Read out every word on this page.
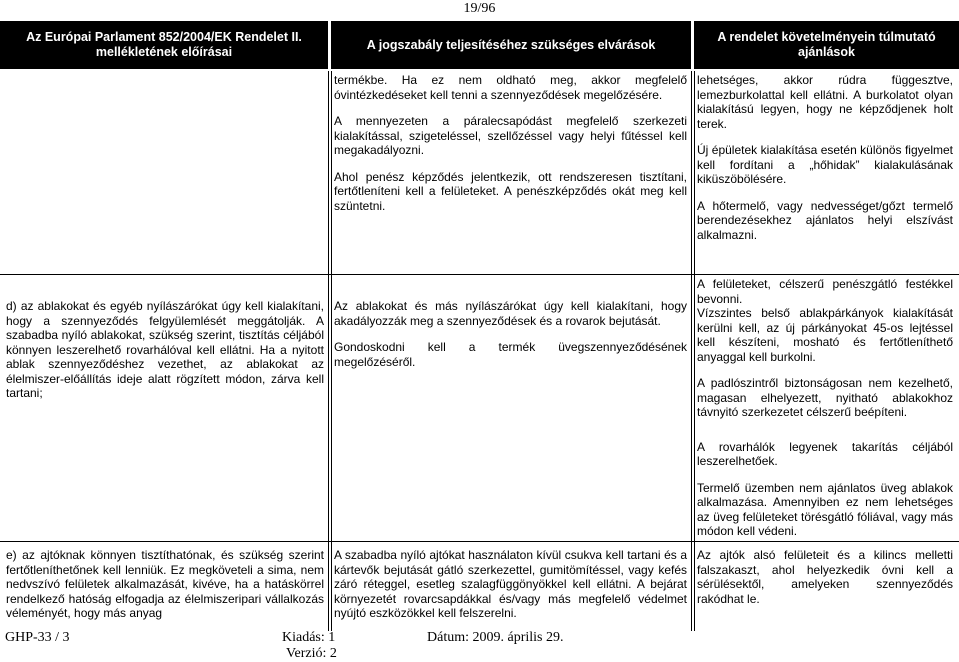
19/96
Az Európai Parlament 852/2004/EK Rendelet II. mellékletének előírásai
A jogszabály teljesítéséhez szükséges elvárások
A rendelet követelményein túlmutató ajánlások

termékbe. Ha ez nem oldható meg, akkor megfelelő óvintézkedéseket kell tenni a szennyeződések megelőzésére.

A mennyezeten a páralecsapódást megfelelő szerkezeti kialakítással, szigeteléssel, szellőzéssel vagy helyi fűtéssel kell megakadályozni.

Ahol penész képződés jelentkezik, ott rendszeresen tisztítani, fertőtleníteni kell a felületeket. A penészképződés okát meg kell szüntetni.

lehetséges, akkor rúdra függesztve, lemezburkolattal kell ellátni. A burkolatot olyan kialakítású legyen, hogy ne képződjenek holt terek.

Új épületek kialakítása esetén különös figyelmet kell fordítani a „hőhidak” kialakulásának kiküszöbölésére.

A hőtermelő, vagy nedvességet/gőzt termelő berendezésekhez ajánlatos helyi elszívást alkalmazni.

d) az ablakokat és egyéb nyílászárókat úgy kell kialakítani, hogy a szennyeződés felgyülemlését meggátolják. A szabadba nyíló ablakokat, szükség szerint, tisztítás céljából könnyen leszerelhető rovarhálóval kell ellátni. Ha a nyitott ablak szennyeződéshez vezethet, az ablakokat az élelmiszer-előállítás ideje alatt rögzített módon, zárva kell tartani;

Az ablakokat és más nyílászárókat úgy kell kialakítani, hogy akadályozzák meg a szennyeződések és a rovarok bejutását.

Gondoskodni kell a termék üvegszennyeződésének megelőzéséről.

A felületeket, célszerű penészgátló festékkel bevonni.

Vízszintes belső ablakpárkányok kialakítását kerülni kell, az új párkányokat 45-os lejtéssel kell készíteni, mosható és fertőtleníthető anyaggal kell burkolni.

A padlószintről biztonságosan nem kezelhető, magasan elhelyezett, nyitható ablakokhoz távnyitó szerkezetet célszerű beépíteni.

A rovarhálók legyenek takarítás céljából leszerelhetőek.

Termelő üzemben nem ajánlatos üveg ablakok alkalmazása. Amennyiben ez nem lehetséges az üveg felületeket törésgátló fóliával, vagy más módon kell védeni.

e) az ajtóknak könnyen tisztíthatónak, és szükség szerint fertőtleníthetőnek kell lenniük. Ez megköveteli a sima, nem nedvszívó felületek alkalmazását, kivéve, ha a hatáskörrel rendelkező hatóság elfogadja az élelmiszeripari vállalkozás véleményét, hogy más anyag

A szabadba nyíló ajtókat használaton kívül csukva kell tartani és a kártevők bejutását gátló szerkezettel, gumitömítéssel, vagy kefés záró réteggel, esetleg szalagfüggönyökkel kell ellátni. A bejárat környezetét rovarcsapdákkal és/vagy más megfelelő védelmet nyújtó eszközökkel kell felszerelni.

Az ajtók alsó felületeit és a kilincs melletti falszakaszt, ahol helyezkedik óvni kell a sérülésektől, amelyeken szennyeződés rakódhat le.

GHP-33 / 3	Kiadás: 1
Verzió: 2
Dátum: 2009. április 29.
